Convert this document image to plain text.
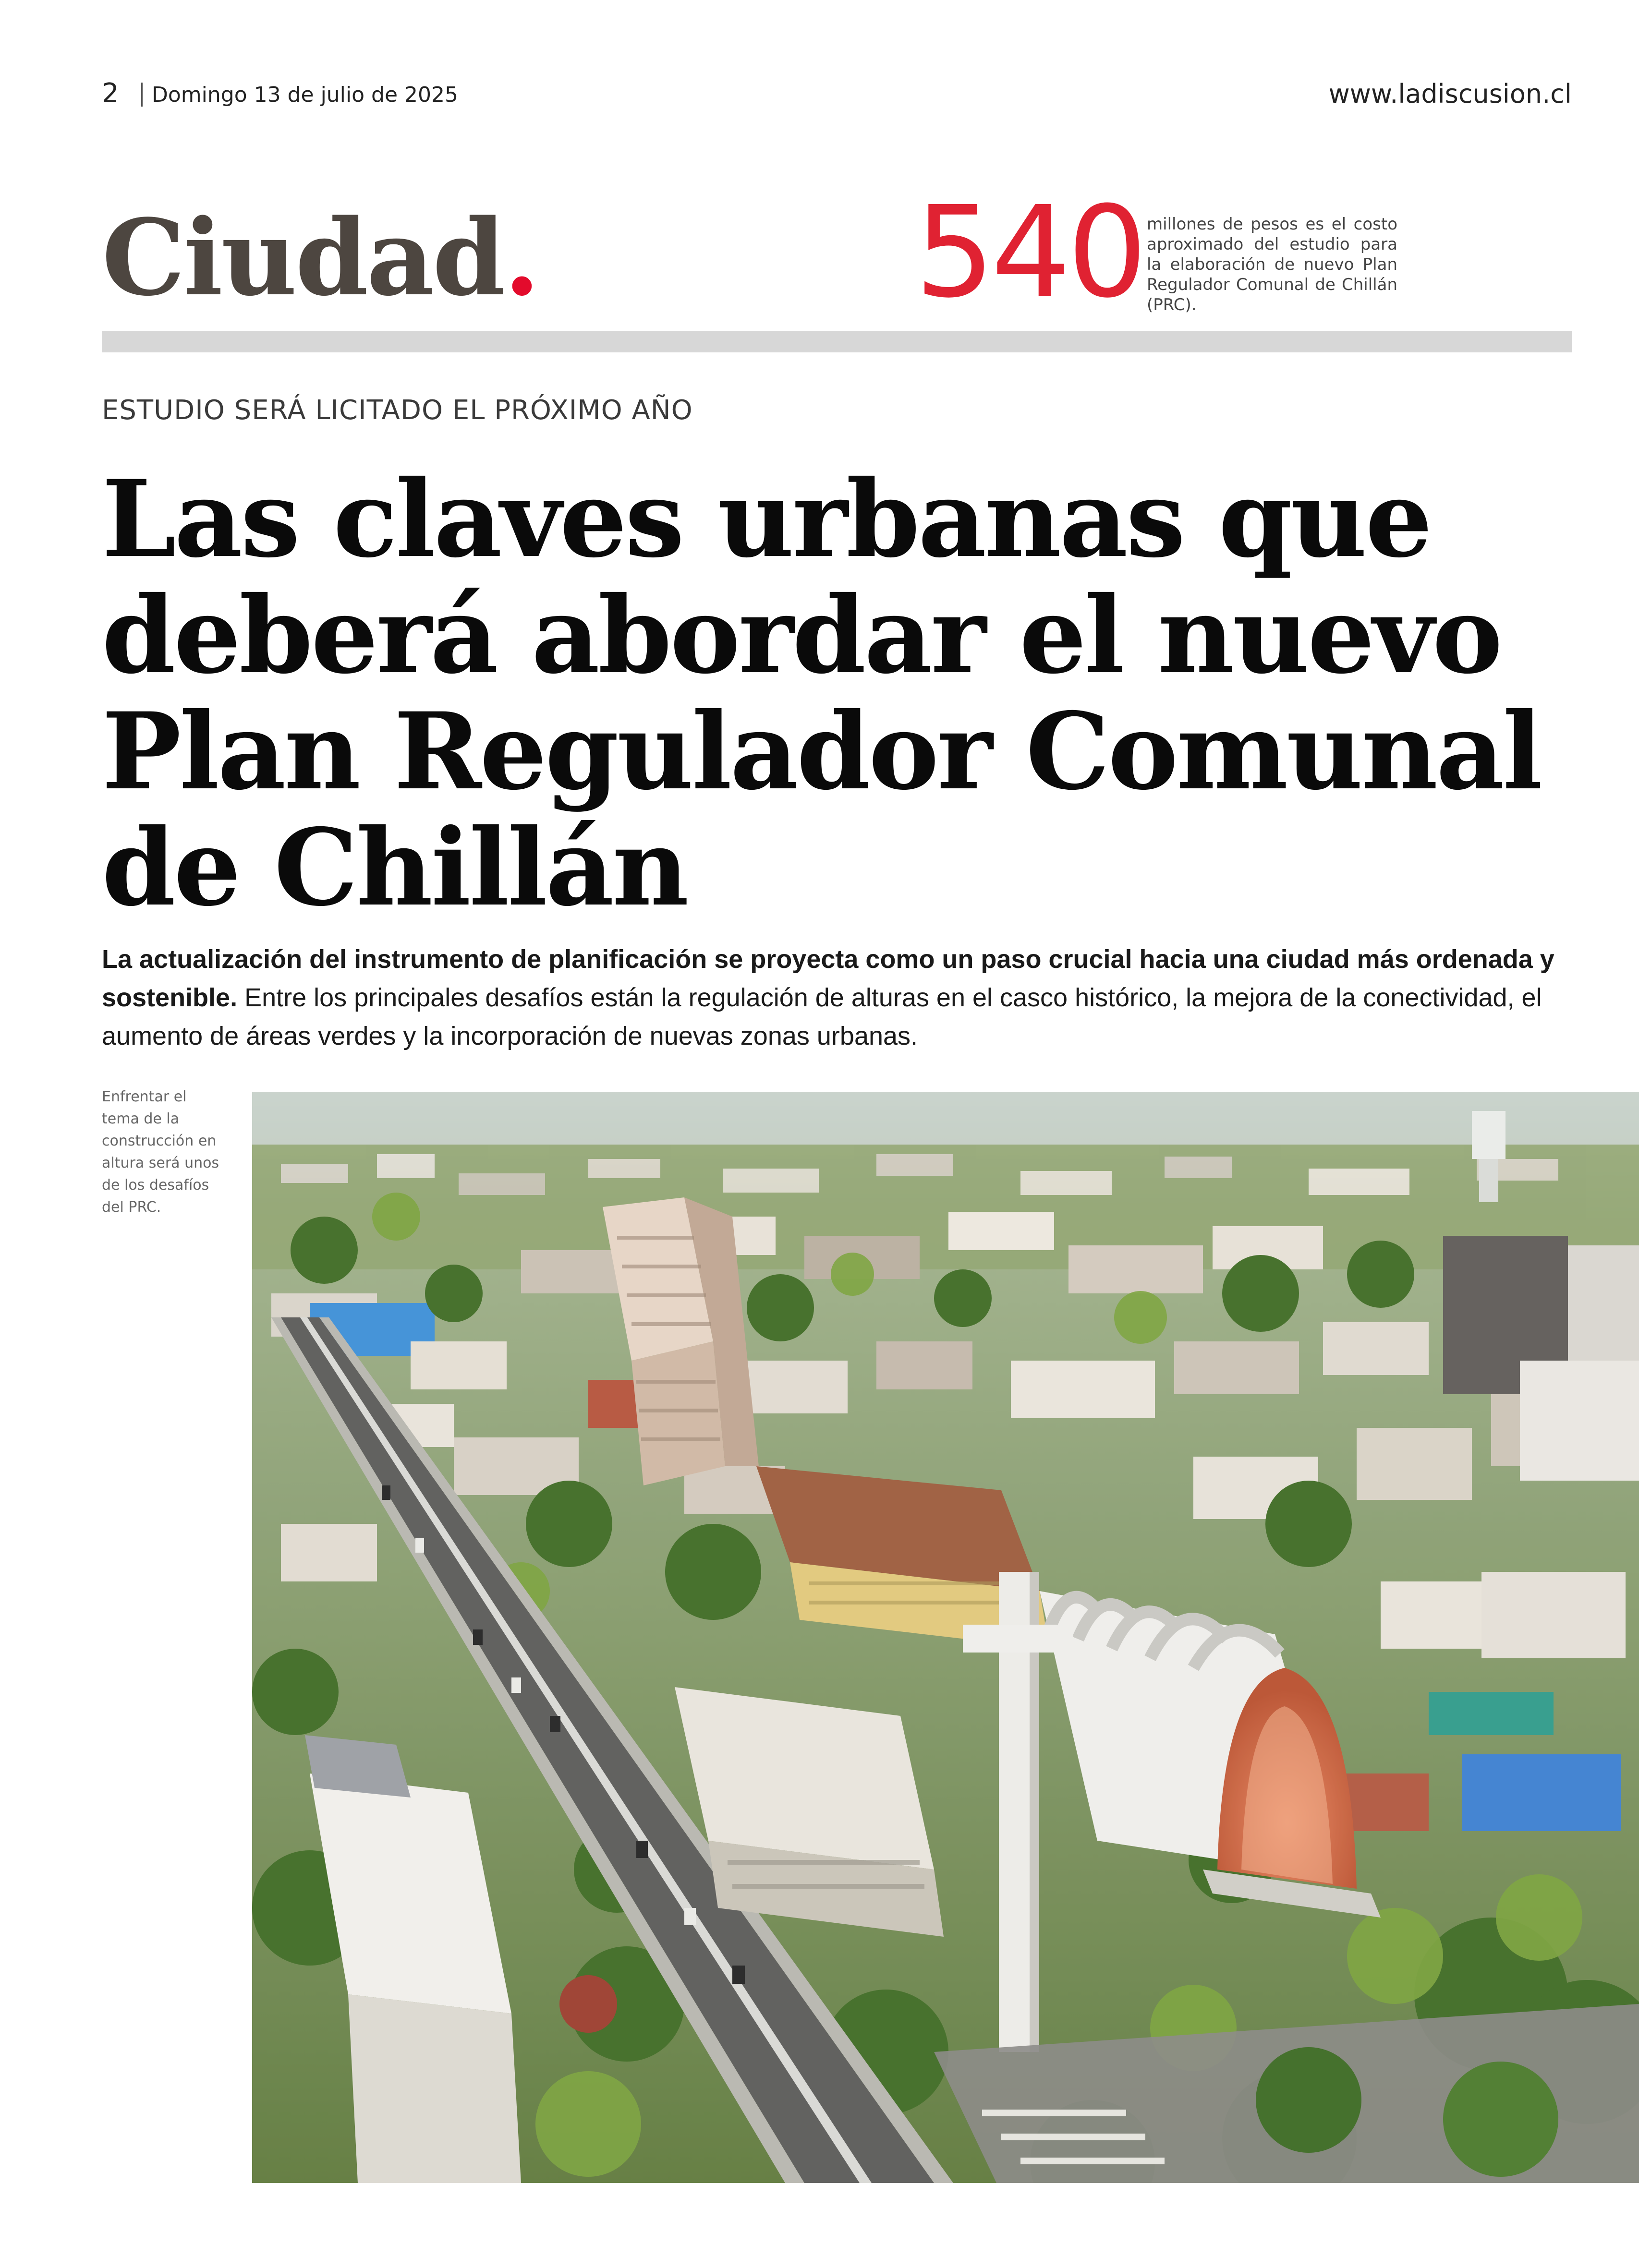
2 Domingo 13 de julio de 2025	www.ladiscusion.cl
Ciudad.	540 millones de pesos es el costo aproximado del estudio para la elaboración de nuevo Plan Regulador Comunal de Chillán (PRC).
ESTUDIO SERÁ LICITADO EL PRÓXIMO AÑO
Las claves urbanas que deberá abordar el nuevo Plan Regulador Comunal de Chillán

La actualización del instrumento de planificación se proyecta como un paso crucial hacia una ciudad más ordenada y sostenible. Entre los principales desafíos están la regulación de alturas en el casco histórico, la mejora de la conectividad, el aumento de áreas verdes y la incorporación de nuevas zonas urbanas.

Enfrentar el tema de la construcción en altura será unos de los desafíos del PRC.
